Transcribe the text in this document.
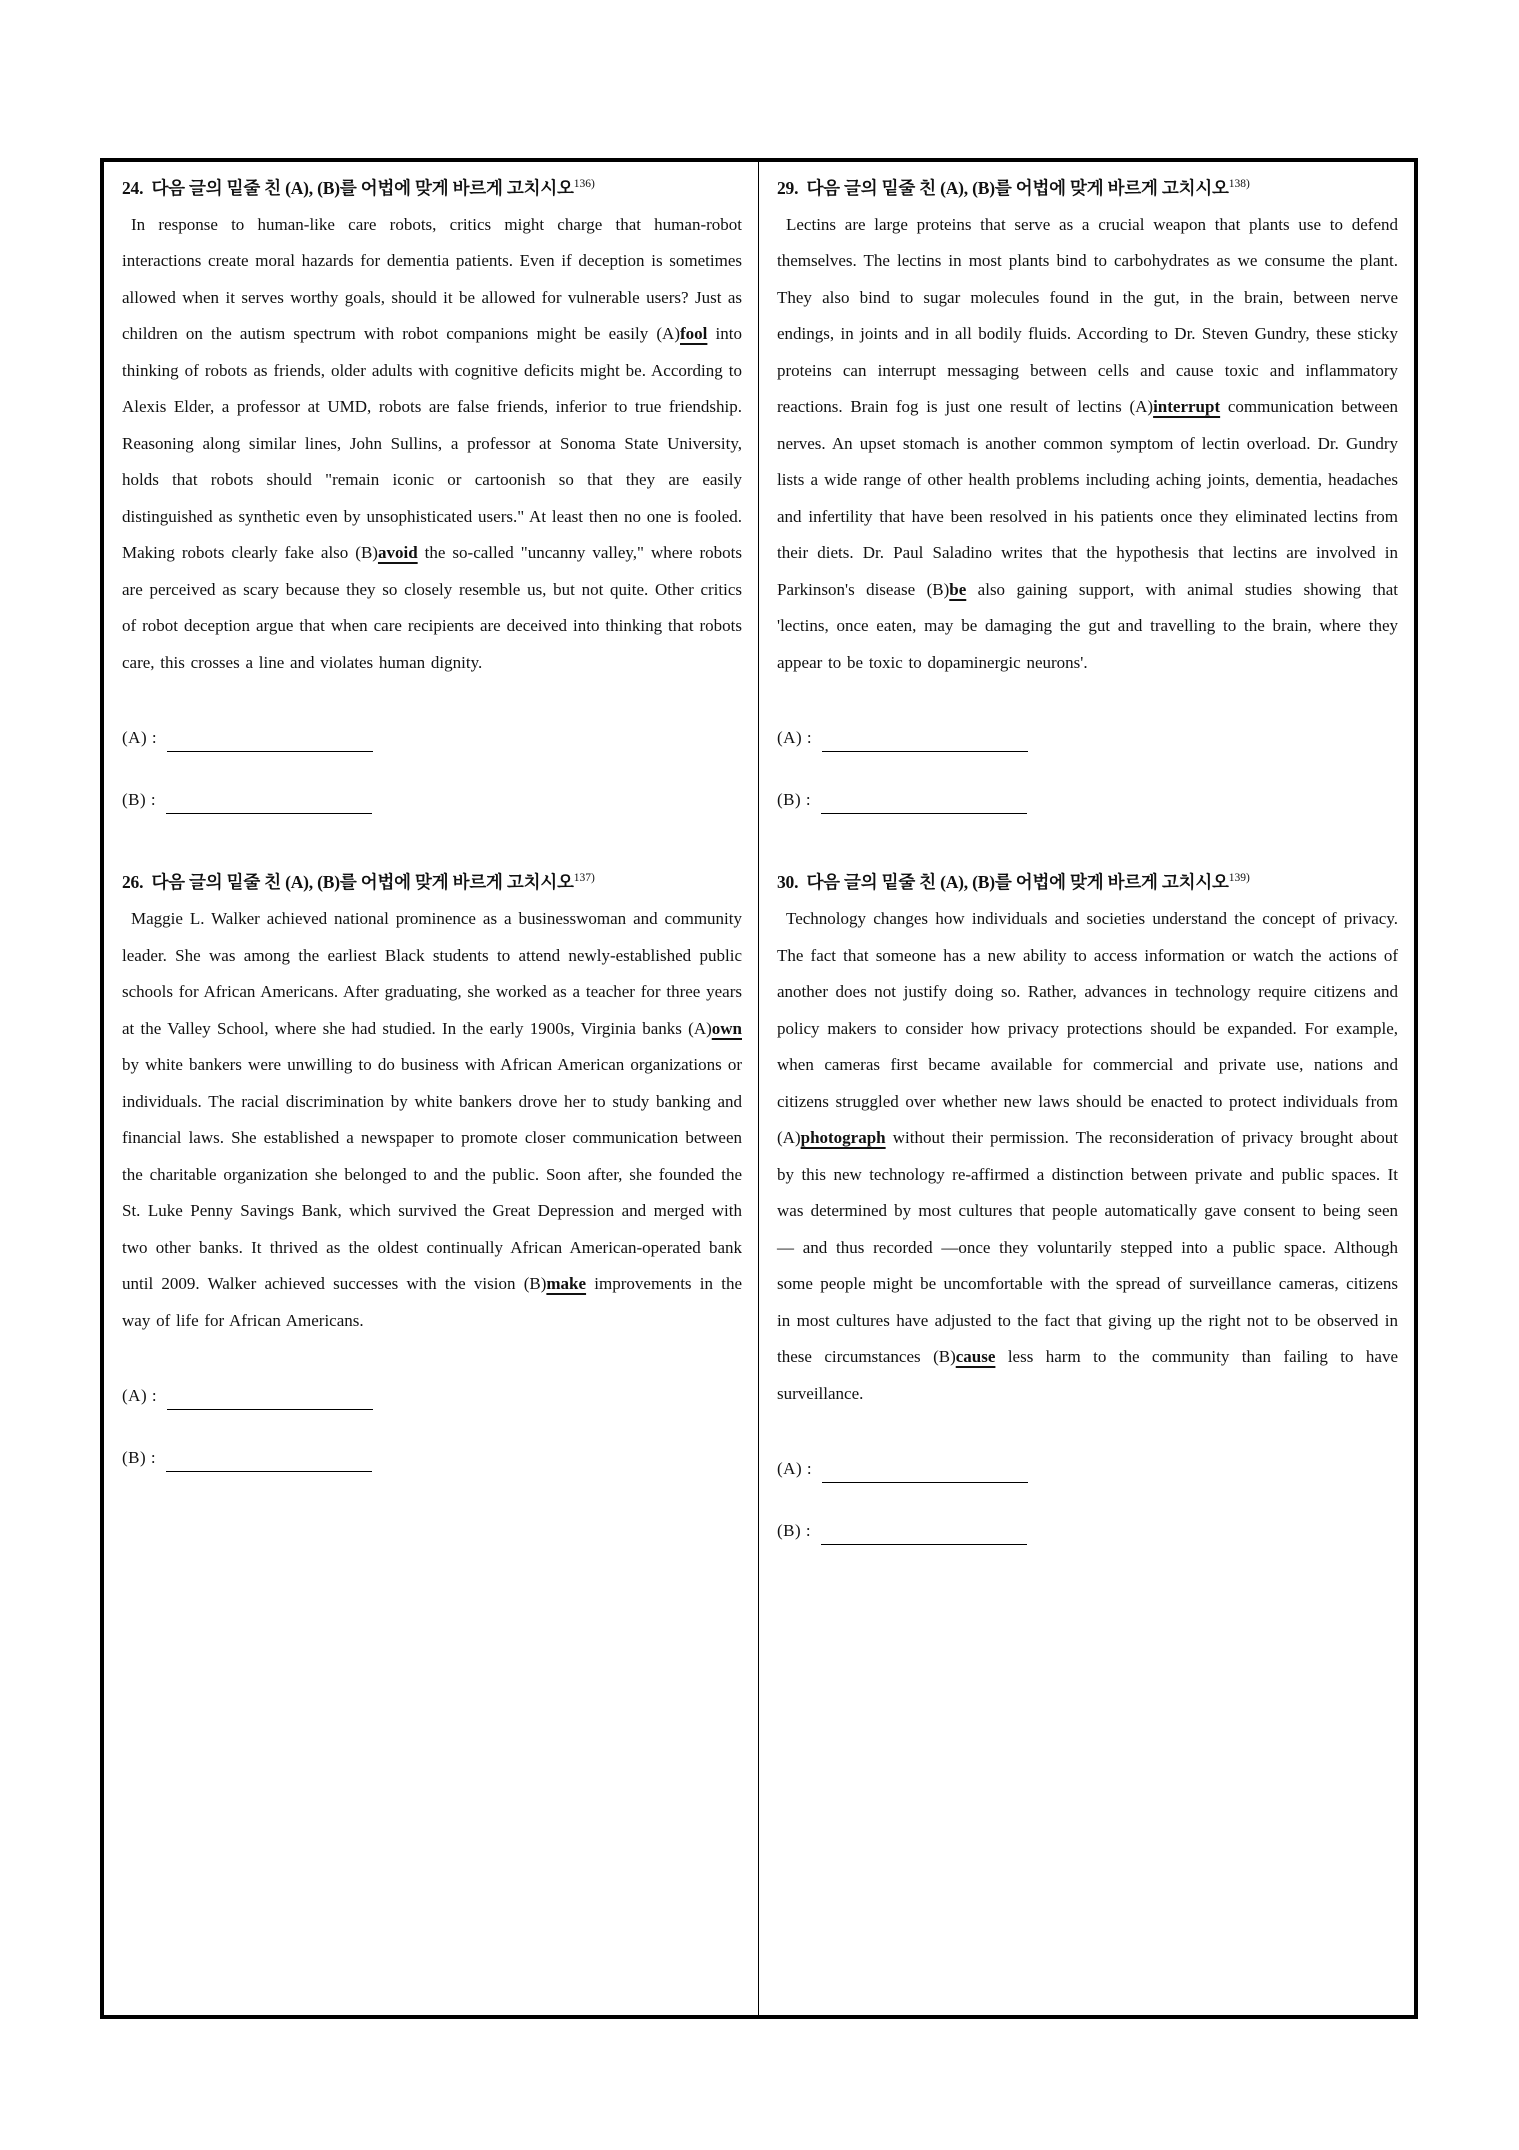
24. 다음 글의 밑줄 친 (A), (B)를 어법에 맞게 바르게 고치시오$^{136)}$

In response to human-like care robots, critics might charge that human-robot interactions create moral hazards for dementia patients. Even if deception is sometimes allowed when it serves worthy goals, should it be allowed for vulnerable users? Just as children on the autism spectrum with robot companions might be easily (A)fool into thinking of robots as friends, older adults with cognitive deficits might be. According to Alexis Elder, a professor at UMD, robots are false friends, inferior to true friendship. Reasoning along similar lines, John Sullins, a professor at Sonoma State University, holds that robots should "remain iconic or cartoonish so that they are easily distinguished as synthetic even by unsophisticated users." At least then no one is fooled. Making robots clearly fake also (B)avoid the so-called "uncanny valley," where robots are perceived as scary because they so closely resemble us, but not quite. Other critics of robot deception argue that when care recipients are deceived into thinking that robots care, this crosses a line and violates human dignity.

(A) :
(B) :
26. 다음 글의 밑줄 친 (A), (B)를 어법에 맞게 바르게 고치시오$^{137)}$

Maggie L. Walker achieved national prominence as a businesswoman and community leader. She was among the earliest Black students to attend newly-established public schools for African Americans. After graduating, she worked as a teacher for three years at the Valley School, where she had studied. In the early 1900s, Virginia banks (A)own by white bankers were unwilling to do business with African American organizations or individuals. The racial discrimination by white bankers drove her to study banking and financial laws. She established a newspaper to promote closer communication between the charitable organization she belonged to and the public. Soon after, she founded the St. Luke Penny Savings Bank, which survived the Great Depression and merged with two other banks. It thrived as the oldest continually African American-operated bank until 2009. Walker achieved successes with the vision (B)make improvements in the way of life for African Americans.

(A) :
(B) :
29. 다음 글의 밑줄 친 (A), (B)를 어법에 맞게 바르게 고치시오$^{138)}$

Lectins are large proteins that serve as a crucial weapon that plants use to defend themselves. The lectins in most plants bind to carbohydrates as we consume the plant. They also bind to sugar molecules found in the gut, in the brain, between nerve endings, in joints and in all bodily fluids. According to Dr. Steven Gundry, these sticky proteins can interrupt messaging between cells and cause toxic and inflammatory reactions. Brain fog is just one result of lectins (A)interrupt communication between nerves. An upset stomach is another common symptom of lectin overload. Dr. Gundry lists a wide range of other health problems including aching joints, dementia, headaches and infertility that have been resolved in his patients once they eliminated lectins from their diets. Dr. Paul Saladino writes that the hypothesis that lectins are involved in Parkinson's disease (B)be also gaining support, with animal studies showing that 'lectins, once eaten, may be damaging the gut and travelling to the brain, where they appear to be toxic to dopaminergic neurons'.

(A) :
(B) :
30. 다음 글의 밑줄 친 (A), (B)를 어법에 맞게 바르게 고치시오$^{139)}$

Technology changes how individuals and societies understand the concept of privacy. The fact that someone has a new ability to access information or watch the actions of another does not justify doing so. Rather, advances in technology require citizens and policy makers to consider how privacy protections should be expanded. For example, when cameras first became available for commercial and private use, nations and citizens struggled over whether new laws should be enacted to protect individuals from (A)photograph without their permission. The reconsideration of privacy brought about by this new technology re-affirmed a distinction between private and public spaces. It was determined by most cultures that people automatically gave consent to being seen ― and thus recorded ―once they voluntarily stepped into a public space. Although some people might be uncomfortable with the spread of surveillance cameras, citizens in most cultures have adjusted to the fact that giving up the right not to be observed in these circumstances (B)cause less harm to the community than failing to have surveillance.

(A) :
(B) :
